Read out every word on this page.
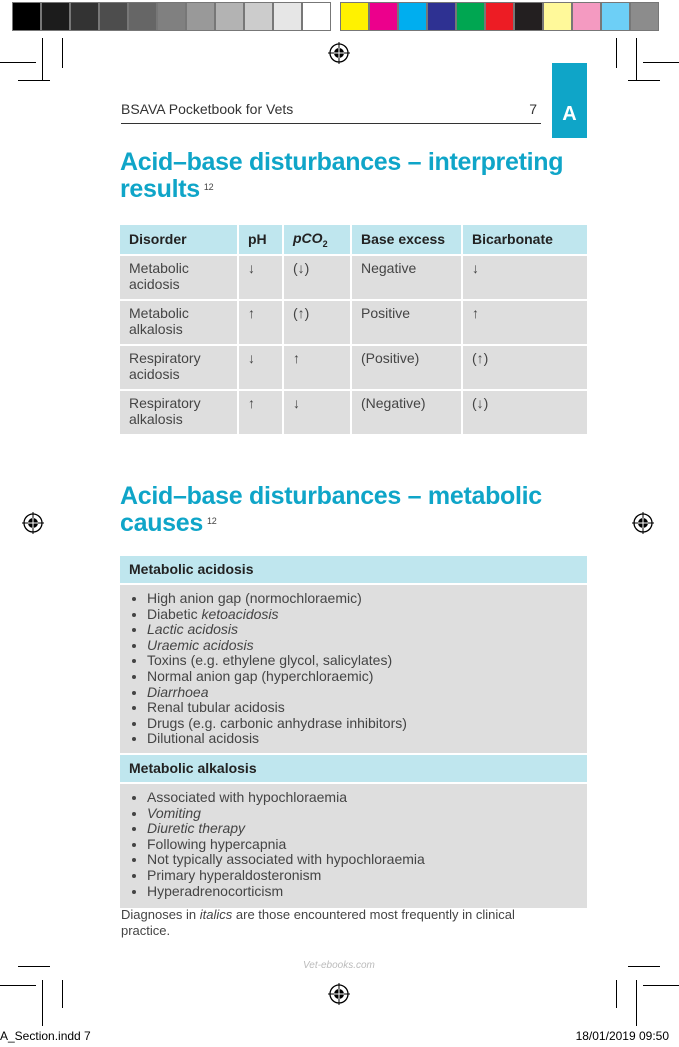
BSAVA Pocketbook for Vets	7 A
Acid–base disturbances – interpreting results $^{12}$
Disorder	pH	pCO$_2$	Base excess	Bicarbonate
Metabolic acidosis	↓	(↓)	Negative	↓
Metabolic alkalosis	↑	(↑)	Positive	↑
Respiratory acidosis	↓	↑	(Positive)	(↑)
Respiratory alkalosis	↑	↓	(Negative)	(↓)
Acid–base disturbances – metabolic causes $^{12}$
Metabolic acidosis
• High anion gap (normochloraemic)
• Diabetic ketoacidosis
• Lactic acidosis
• Uraemic acidosis
• Toxins (e.g. ethylene glycol, salicylates)
• Normal anion gap (hyperchloraemic)
• Diarrhoea
• Renal tubular acidosis
• Drugs (e.g. carbonic anhydrase inhibitors)
• Dilutional acidosis
Metabolic alkalosis
• Associated with hypochloraemia
• Vomiting
• Diuretic therapy
• Following hypercapnia
• Not typically associated with hypochloraemia
• Primary hyperaldosteronism
• Hyperadrenocorticism
Diagnoses in italics are those encountered most frequently in clinical practice.
Vet-ebooks.com
A_Section.indd 7	18/01/2019 09:50
